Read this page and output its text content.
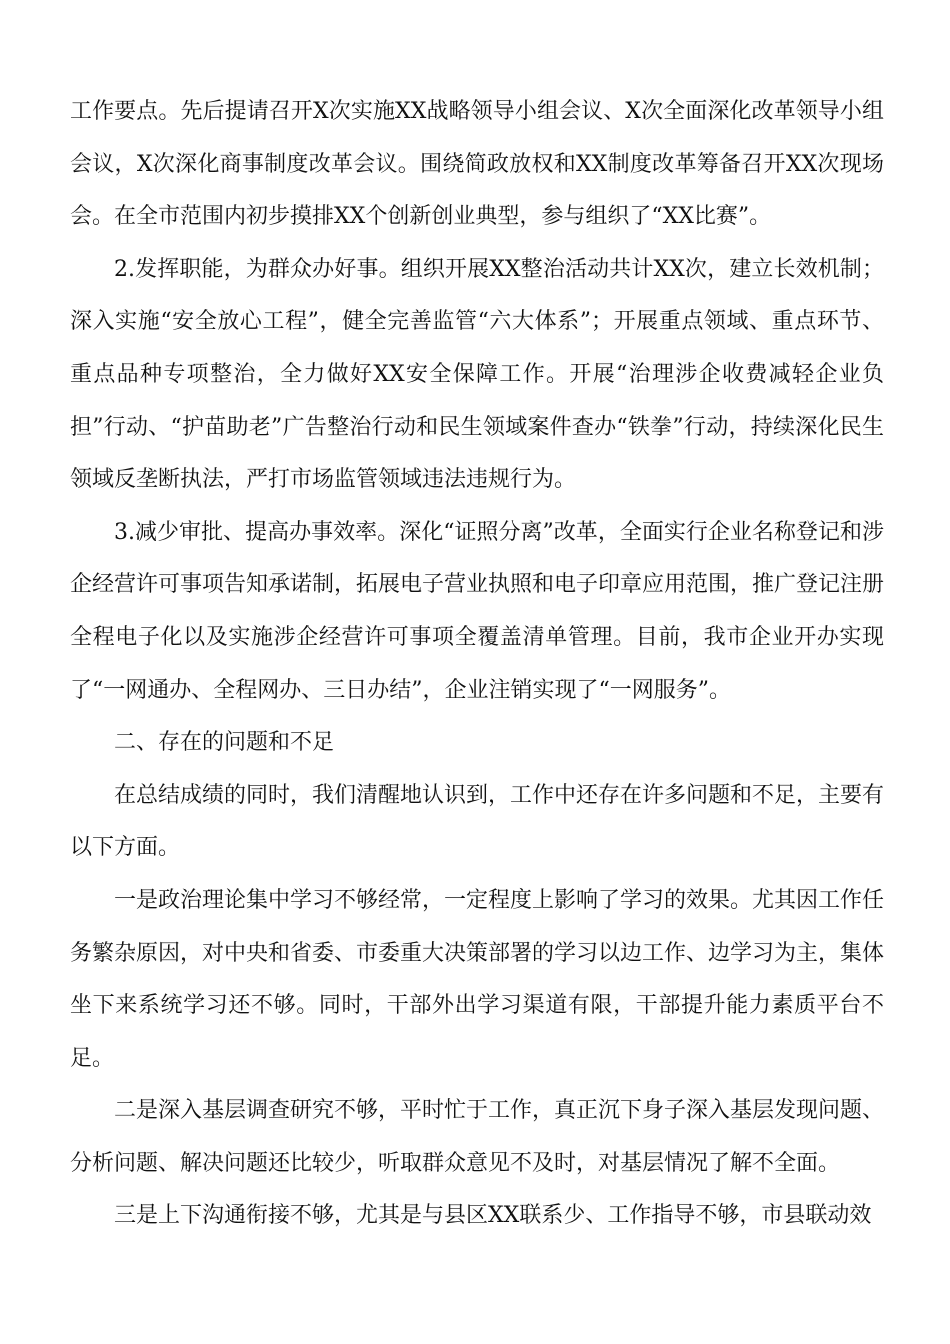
工作要点。先后提请召开X次实施XX战略领导小组会议、X次全面深化改革领导小组会议，X次深化商事制度改革会议。围绕简政放权和XX制度改革筹备召开XX次现场会。在全市范围内初步摸排XX个创新创业典型，参与组织了“XX比赛”。

2.发挥职能，为群众办好事。组织开展XX整治活动共计XX次，建立长效机制；深入实施“安全放心工程”，健全完善监管“六大体系”；开展重点领域、重点环节、重点品种专项整治，全力做好XX安全保障工作。开展“治理涉企收费减轻企业负担”行动、“护苗助老”广告整治行动和民生领域案件查办“铁拳”行动，持续深化民生领域反垄断执法，严打市场监管领域违法违规行为。

3.减少审批、提高办事效率。深化“证照分离”改革，全面实行企业名称登记和涉企经营许可事项告知承诺制，拓展电子营业执照和电子印章应用范围，推广登记注册全程电子化以及实施涉企经营许可事项全覆盖清单管理。目前，我市企业开办实现了“一网通办、全程网办、三日办结”，企业注销实现了“一网服务”。

二、存在的问题和不足

在总结成绩的同时，我们清醒地认识到，工作中还存在许多问题和不足，主要有以下方面。

一是政治理论集中学习不够经常，一定程度上影响了学习的效果。尤其因工作任务繁杂原因，对中央和省委、市委重大决策部署的学习以边工作、边学习为主，集体坐下来系统学习还不够。同时，干部外出学习渠道有限，干部提升能力素质平台不足。

二是深入基层调查研究不够，平时忙于工作，真正沉下身子深入基层发现问题、分析问题、解决问题还比较少，听取群众意见不及时，对基层情况了解不全面。

三是上下沟通衔接不够，尤其是与县区XX联系少、工作指导不够，市县联动效
